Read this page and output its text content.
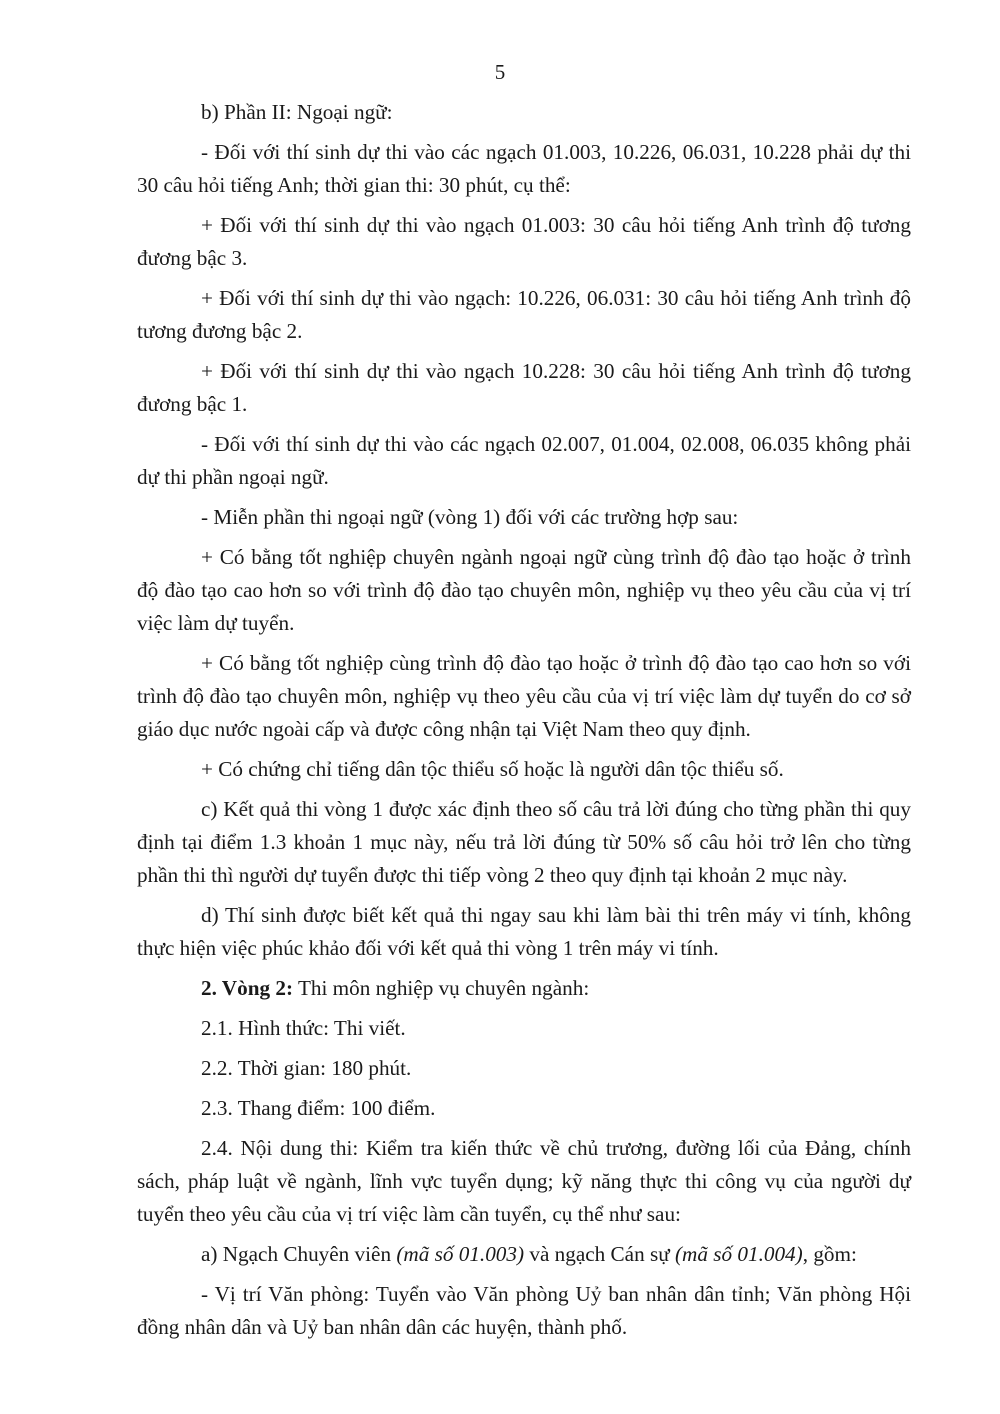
5

b) Phần II: Ngoại ngữ:

- Đối với thí sinh dự thi vào các ngạch 01.003, 10.226, 06.031, 10.228 phải dự thi 30 câu hỏi tiếng Anh; thời gian thi: 30 phút, cụ thể:

+ Đối với thí sinh dự thi vào ngạch 01.003: 30 câu hỏi tiếng Anh trình độ tương đương bậc 3.

+ Đối với thí sinh dự thi vào ngạch: 10.226, 06.031: 30 câu hỏi tiếng Anh trình độ tương đương bậc 2.

+ Đối với thí sinh dự thi vào ngạch 10.228: 30 câu hỏi tiếng Anh trình độ tương đương bậc 1.

- Đối với thí sinh dự thi vào các ngạch 02.007, 01.004, 02.008, 06.035 không phải dự thi phần ngoại ngữ.

- Miễn phần thi ngoại ngữ (vòng 1) đối với các trường hợp sau:

+ Có bằng tốt nghiệp chuyên ngành ngoại ngữ cùng trình độ đào tạo hoặc ở trình độ đào tạo cao hơn so với trình độ đào tạo chuyên môn, nghiệp vụ theo yêu cầu của vị trí việc làm dự tuyển.

+ Có bằng tốt nghiệp cùng trình độ đào tạo hoặc ở trình độ đào tạo cao hơn so với trình độ đào tạo chuyên môn, nghiệp vụ theo yêu cầu của vị trí việc làm dự tuyển do cơ sở giáo dục nước ngoài cấp và được công nhận tại Việt Nam theo quy định.

+ Có chứng chỉ tiếng dân tộc thiểu số hoặc là người dân tộc thiểu số.

c) Kết quả thi vòng 1 được xác định theo số câu trả lời đúng cho từng phần thi quy định tại điểm 1.3 khoản 1 mục này, nếu trả lời đúng từ 50% số câu hỏi trở lên cho từng phần thi thì người dự tuyển được thi tiếp vòng 2 theo quy định tại khoản 2 mục này.

d) Thí sinh được biết kết quả thi ngay sau khi làm bài thi trên máy vi tính, không thực hiện việc phúc khảo đối với kết quả thi vòng 1 trên máy vi tính.

2. Vòng 2: Thi môn nghiệp vụ chuyên ngành:

2.1. Hình thức: Thi viết.

2.2. Thời gian: 180 phút.

2.3. Thang điểm: 100 điểm.

2.4. Nội dung thi: Kiểm tra kiến thức về chủ trương, đường lối của Đảng, chính sách, pháp luật về ngành, lĩnh vực tuyển dụng; kỹ năng thực thi công vụ của người dự tuyển theo yêu cầu của vị trí việc làm cần tuyển, cụ thể như sau:

a) Ngạch Chuyên viên (mã số 01.003) và ngạch Cán sự (mã số 01.004), gồm:

- Vị trí Văn phòng: Tuyển vào Văn phòng Uỷ ban nhân dân tỉnh; Văn phòng Hội đồng nhân dân và Uỷ ban nhân dân các huyện, thành phố.
